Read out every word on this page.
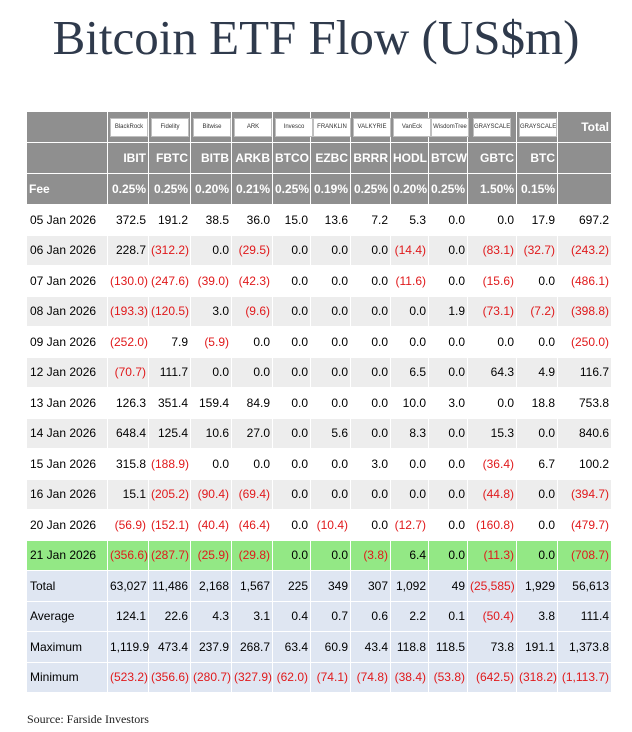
Bitcoin ETF Flow (US$m)
	BlackRock	Fidelity	Bitwise	ARK	Invesco	FRANKLIN	VALKYRIE	VanEck	WisdomTree	GRAYSCALE	GRAYSCALE	Total
	IBIT	FBTC	BITB	ARKB	BTCO	EZBC	BRRR	HODL	BTCW	GBTC	BTC	
Fee	0.25%	0.25%	0.20%	0.21%	0.25%	0.19%	0.25%	0.20%	0.25%	1.50%	0.15%	
05 Jan 2026	372.5	191.2	38.5	36.0	15.0	13.6	7.2	5.3	0.0	0.0	17.9	697.2
06 Jan 2026	228.7	(312.2)	0.0	(29.5)	0.0	0.0	0.0	(14.4)	0.0	(83.1)	(32.7)	(243.2)
07 Jan 2026	(130.0)	(247.6)	(39.0)	(42.3)	0.0	0.0	0.0	(11.6)	0.0	(15.6)	0.0	(486.1)
08 Jan 2026	(193.3)	(120.5)	3.0	(9.6)	0.0	0.0	0.0	0.0	1.9	(73.1)	(7.2)	(398.8)
09 Jan 2026	(252.0)	7.9	(5.9)	0.0	0.0	0.0	0.0	0.0	0.0	0.0	0.0	(250.0)
12 Jan 2026	(70.7)	111.7	0.0	0.0	0.0	0.0	0.0	6.5	0.0	64.3	4.9	116.7
13 Jan 2026	126.3	351.4	159.4	84.9	0.0	0.0	0.0	10.0	3.0	0.0	18.8	753.8
14 Jan 2026	648.4	125.4	10.6	27.0	0.0	5.6	0.0	8.3	0.0	15.3	0.0	840.6
15 Jan 2026	315.8	(188.9)	0.0	0.0	0.0	0.0	3.0	0.0	0.0	(36.4)	6.7	100.2
16 Jan 2026	15.1	(205.2)	(90.4)	(69.4)	0.0	0.0	0.0	0.0	0.0	(44.8)	0.0	(394.7)
20 Jan 2026	(56.9)	(152.1)	(40.4)	(46.4)	0.0	(10.4)	0.0	(12.7)	0.0	(160.8)	0.0	(479.7)
21 Jan 2026	(356.6)	(287.7)	(25.9)	(29.8)	0.0	0.0	(3.8)	6.4	0.0	(11.3)	0.0	(708.7)
Total	63,027	11,486	2,168	1,567	225	349	307	1,092	49	(25,585)	1,929	56,613
Average	124.1	22.6	4.3	3.1	0.4	0.7	0.6	2.2	0.1	(50.4)	3.8	111.4
Maximum	1,119.9	473.4	237.9	268.7	63.4	60.9	43.4	118.8	118.5	73.8	191.1	1,373.8
Minimum	(523.2)	(356.6)	(280.7)	(327.9)	(62.0)	(74.1)	(74.8)	(38.4)	(53.8)	(642.5)	(318.2)	(1,113.7)
Source: Farside Investors
